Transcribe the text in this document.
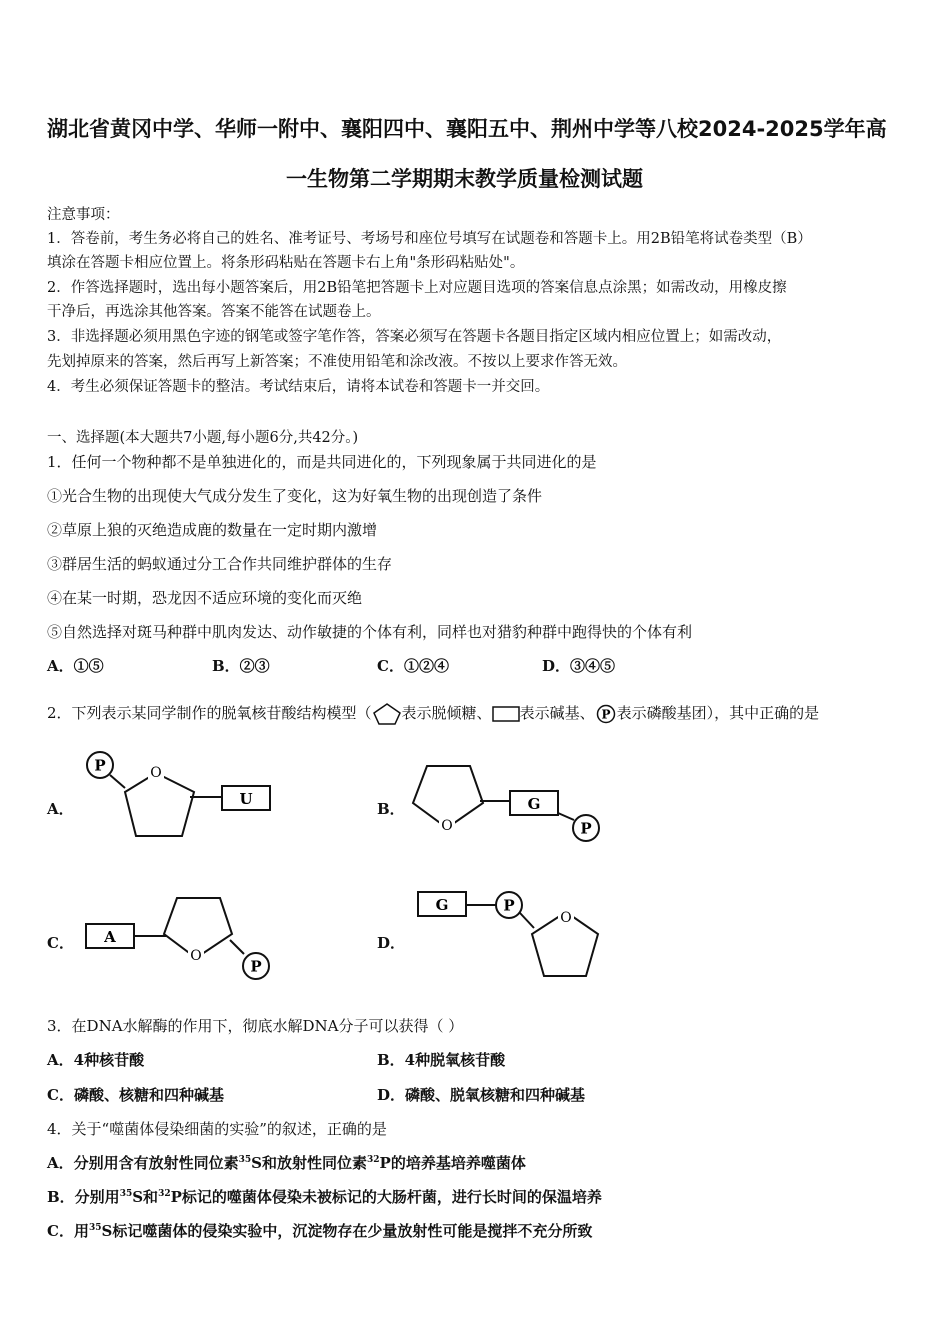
湖北省黄冈中学、华师一附中、襄阳四中、襄阳五中、荆州中学等八校2024-2025学年高
一生物第二学期期末教学质量检测试题
注意事项：
1．答卷前，考生务必将自己的姓名、准考证号、考场号和座位号填写在试题卷和答题卡上。用2B铅笔将试卷类型（B）
填涂在答题卡相应位置上。将条形码粘贴在答题卡右上角"条形码粘贴处"。
2．作答选择题时，选出每小题答案后，用2B铅笔把答题卡上对应题目选项的答案信息点涂黑；如需改动，用橡皮擦
干净后，再选涂其他答案。答案不能答在试题卷上。
3．非选择题必须用黑色字迹的钢笔或签字笔作答，答案必须写在答题卡各题目指定区域内相应位置上；如需改动，
先划掉原来的答案，然后再写上新答案；不准使用铅笔和涂改液。不按以上要求作答无效。
4．考生必须保证答题卡的整洁。考试结束后，请将本试卷和答题卡一并交回。
一、选择题(本大题共7小题,每小题6分,共42分。)
1．任何一个物种都不是单独进化的，而是共同进化的，下列现象属于共同进化的是
①光合生物的出现使大气成分发生了变化，这为好氧生物的出现创造了条件
②草原上狼的灭绝造成鹿的数量在一定时期内激增
③群居生活的蚂蚁通过分工合作共同维护群体的生存
④在某一时期，恐龙因不适应环境的变化而灭绝
⑤自然选择对斑马种群中肌肉发达、动作敏捷的个体有利，同样也对猎豹种群中跑得快的个体有利
A．①⑤	B．②③	C．①②④	D．③④⑤
2．下列表示某同学制作的脱氧核苷酸结构模型（ 表示脱倾糖、 表示碱基、 P 表示磷酸基团），其中正确的是
A．	B．
C．	D．
P	O
U
O
G
P
A
O
P
G	P
O
3．在DNA水解酶的作用下，彻底水解DNA分子可以获得（ ）
A．4种核苷酸	B．4种脱氧核苷酸
C．磷酸、核糖和四种碱基	D．磷酸、脱氧核糖和四种碱基
4．关于“噬菌体侵染细菌的实验”的叙述，正确的是
A．分别用含有放射性同位素$^{35}$S和放射性同位素$^{32}$P的培养基培养噬菌体
B．分别用$^{35}$S和$^{32}$P标记的噬菌体侵染未被标记的大肠杆菌，进行长时间的保温培养
C．用$^{35}$S标记噬菌体的侵染实验中，沉淀物存在少量放射性可能是搅拌不充分所致
